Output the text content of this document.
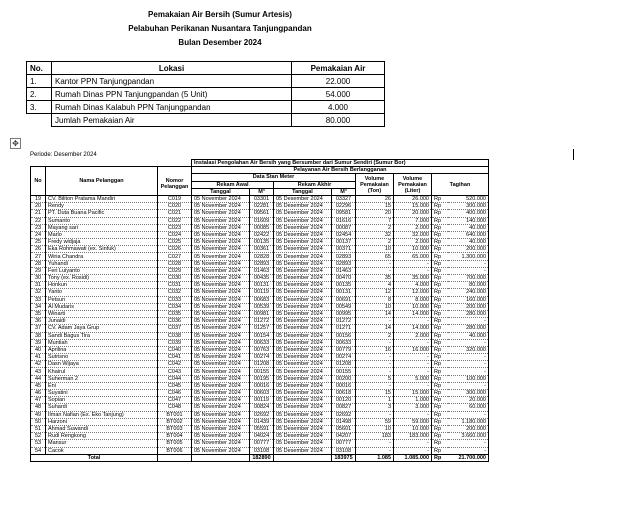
Pemakaian Air Bersih (Sumur Artesis)
Pelabuhan Perikanan Nusantara Tanjungpandan
Bulan Desember 2024
No.	Lokasi	Pemakaian Air
1.	Kantor PPN Tanjungpandan	22.000
2.	Rumah Dinas PPN Tanjungpandan (5 Unit)	54.000
3.	Rumah Dinas Kalabuh PPN Tanjungpandan	4.000
	Jumlah Pemakaian Air	80.000
✥
Periode: Desember 2024
			Instalasi Pengolahan Air Bersih yang Bersumber dari Sumur Sendiri (Sumur Bor)							
No	Nama Pelanggan		Pelayanan Air Bersih Berlangganan							
		Nomor Pelanggan	Data Stan Meter				Volume Pemakaian (Ton)	Volume Pemakaian (Liter)	Tagihan	
			Rekam Awal		Rekam Akhir					
			Tanggal	M³	Tanggal	M³				
19	CV. Biliton Pratama Mandiri	C019	05 November 2024	03301	05 Desember 2024	03327	26	26.000	Rp	520.000
20	Rendy	C020	05 November 2024	02281	05 Desember 2024	02296	15	15.000	Rp	300.000
21	PT. Duta Buana Pacific	C021	05 November 2024	09561	05 Desember 2024	09581	20	20.000	Rp	400.000
22	Sumanto	C022	05 November 2024	01609	05 Desember 2024	01616	7	7.000	Rp	140.000
23	Mayang sari	C023	05 November 2024	00085	05 Desember 2024	00087	2	2.000	Rp	40.000
24	Marlo	C024	05 November 2024	02422	05 Desember 2024	02454	32	32.000	Rp	640.000
25	Fredy widjaja	C025	05 November 2024	00135	05 Desember 2024	00137	2	2.000	Rp	40.000
26	Eka Rohmawati (ex. Sinfuk)	C026	05 November 2024	00361	05 Desember 2024	00371	10	10.000	Rp	200.000
27	Wiria Chandra	C027	05 November 2024	02828	05 Desember 2024	02893	65	65.000	Rp	1.300.000
28	Yuhandi	C028	05 November 2024	02893	05 Desember 2024	02893	-	-	Rp	-
29	Feri Luiyanto	C029	05 November 2024	01463	05 Desember 2024	01463	-	-	Rp	-
30	Tony (ex. Rosidi)	C030	05 November 2024	00435	05 Desember 2024	00470	35	35.000	Rp	700.000
31	Honkun	C031	05 November 2024	00131	05 Desember 2024	00135	4	4.000	Rp	80.000
32	Yanto	C032	05 November 2024	00119	05 Desember 2024	00131	12	12.000	Rp	240.000
33	Petsun	C033	05 November 2024	00683	05 Desember 2024	00691	8	8.000	Rp	160.000
34	Al Mudaris	C034	05 November 2024	00539	05 Desember 2024	00549	10	10.000	Rp	200.000
35	Winarti	C035	05 November 2024	00981	05 Desember 2024	00995	14	14.000	Rp	280.000
36	Junaidi	C036	05 November 2024	01272	05 Desember 2024	01272	-	-	Rp	-
37	CV. Adam Jaya Grup	C037	05 November 2024	01257	05 Desember 2024	01271	14	14.000	Rp	280.000
38	Sandi Bagus Tira	C038	05 November 2024	00154	05 Desember 2024	00156	2	2.000	Rp	40.000
39	Muntiah	C039	05 November 2024	00633	05 Desember 2024	00633	-	-	Rp	-
40	Aprilina	C040	05 November 2024	00763	05 Desember 2024	00779	16	16.000	Rp	320.000
41	Sutrisno	C041	05 November 2024	00274	05 Desember 2024	00274	-	-	Rp	-
42	Dasn Wijaya	C042	05 November 2024	01208	05 Desember 2024	01208	-	-	Rp	-
43	Khairul	C043	05 November 2024	00155	05 Desember 2024	00155	-	-	Rp	-
44	Suherman 2	C044	05 November 2024	00195	05 Desember 2024	00200	5	5.000	Rp	100.000
45	Eni	C045	05 November 2024	00016	05 Desember 2024	00016	-	-	Rp	-
46	Suyatini	C046	05 November 2024	00603	05 Desember 2024	00618	15	15.000	Rp	300.000
47	Sopian	C047	05 November 2024	00119	05 Desember 2024	00120	1	1.000	Rp	20.000
48	Suhardi	C048	05 November 2024	00824	05 Desember 2024	00827	3	3.000	Rp	60.000
49	Ilman Nafian (Ex. Eko Tanjung)	BT001	05 November 2024	02692	05 Desember 2024	02692	-	-	Rp	-
50	Harzoni	BT002	05 November 2024	01439	05 Desember 2024	01498	59	59.000	Rp	1.180.000
51	Ahmad Suwandi	BT003	05 November 2024	05591	05 Desember 2024	05601	10	10.000	Rp	200.000
52	Rudi Rengkong	BT004	05 November 2024	04024	05 Desember 2024	04207	183	183.000	Rp	3.660.000
53	Mansur	BT005	05 November 2024	00777	05 Desember 2024	00777	-	-	Rp	-
54	Cacok	BT006	05 November 2024	03108	05 Desember 2024	03108	-	-	Rp	-
Total				182890		183975	1.085	1.085.000	Rp	21.700.000
